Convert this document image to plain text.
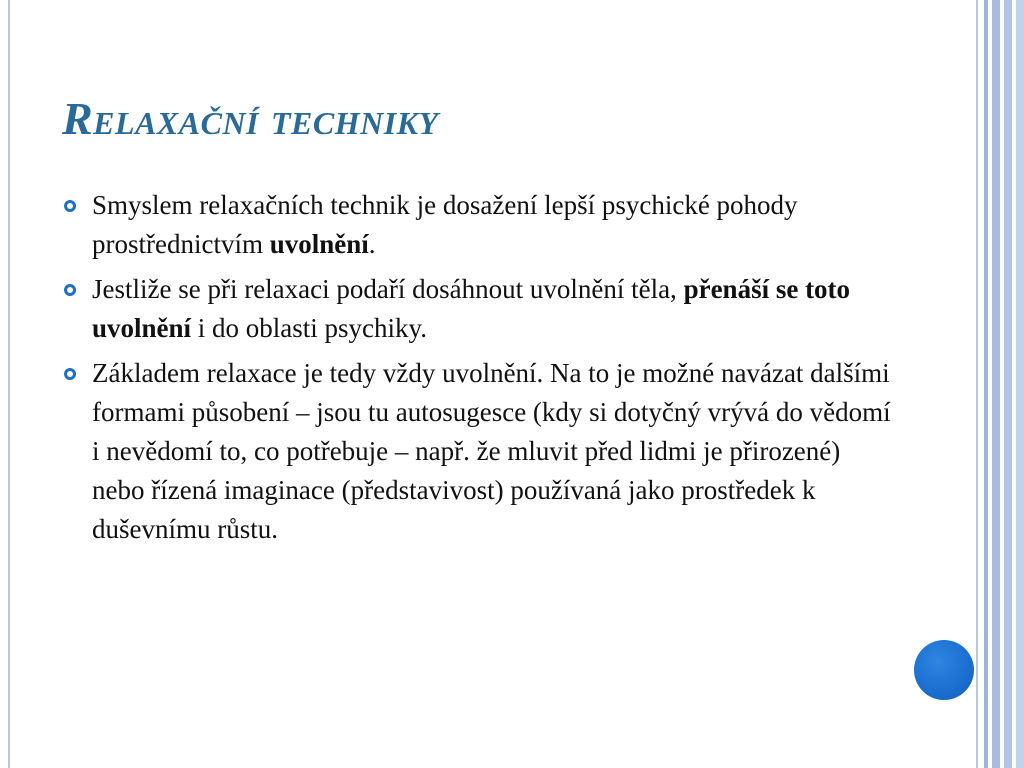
Relaxační techniky
Smyslem relaxačních technik je dosažení lepší psychické pohody prostřednictvím uvolnění.
Jestliže se při relaxaci podaří dosáhnout uvolnění těla, přenáší se toto uvolnění i do oblasti psychiky.
Základem relaxace je tedy vždy uvolnění. Na to je možné navázat dalšími formami působení – jsou tu autosugesce (kdy si dotyčný vrývá do vědomí i nevědomí to, co potřebuje – např. že mluvit před lidmi je přirozené) nebo řízená imaginace (představivost) používaná jako prostředek k duševnímu růstu.
